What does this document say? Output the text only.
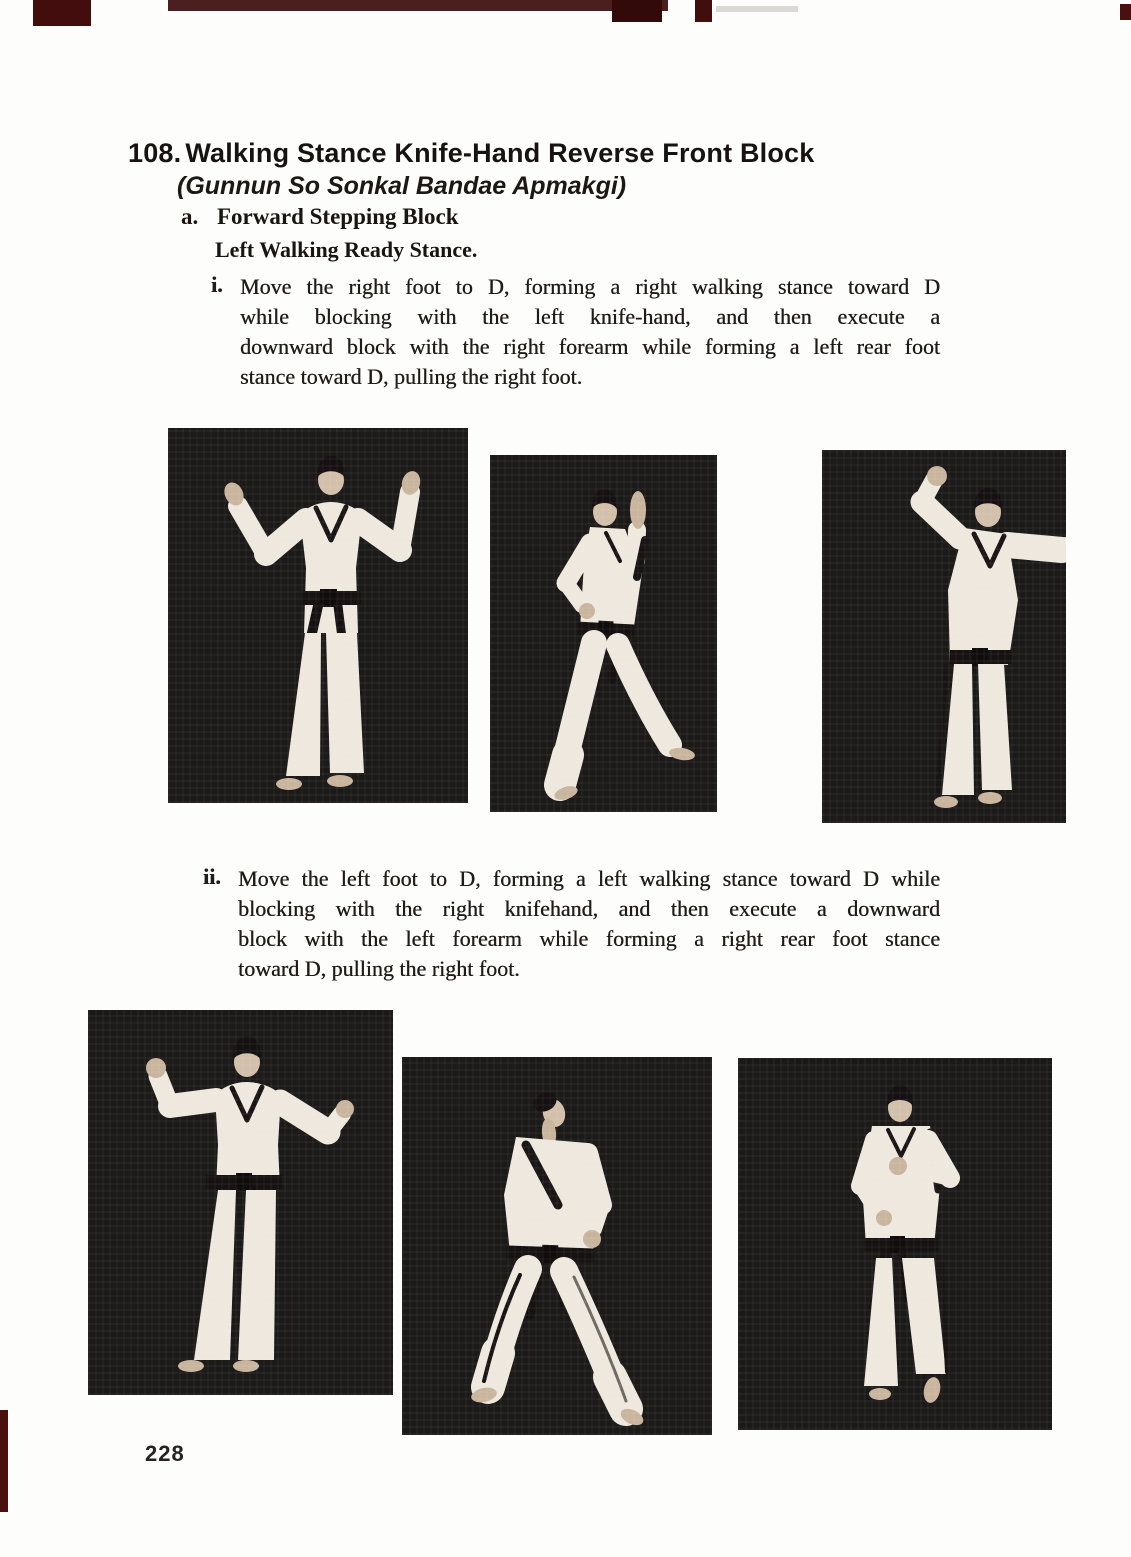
108. Walking Stance Knife-Hand Reverse Front Block
(Gunnun So Sonkal Bandae Apmakgi)
a. Forward Stepping Block
Left Walking Ready Stance.
i. Move the right foot to D, forming a right walking stance toward D
while blocking with the left knife-hand, and then execute a
downward block with the right forearm while forming a left rear foot
stance toward D, pulling the right foot.
ii. Move the left foot to D, forming a left walking stance toward D while
blocking with the right knifehand, and then execute a downward
block with the left forearm while forming a right rear foot stance
toward D, pulling the right foot.
228
